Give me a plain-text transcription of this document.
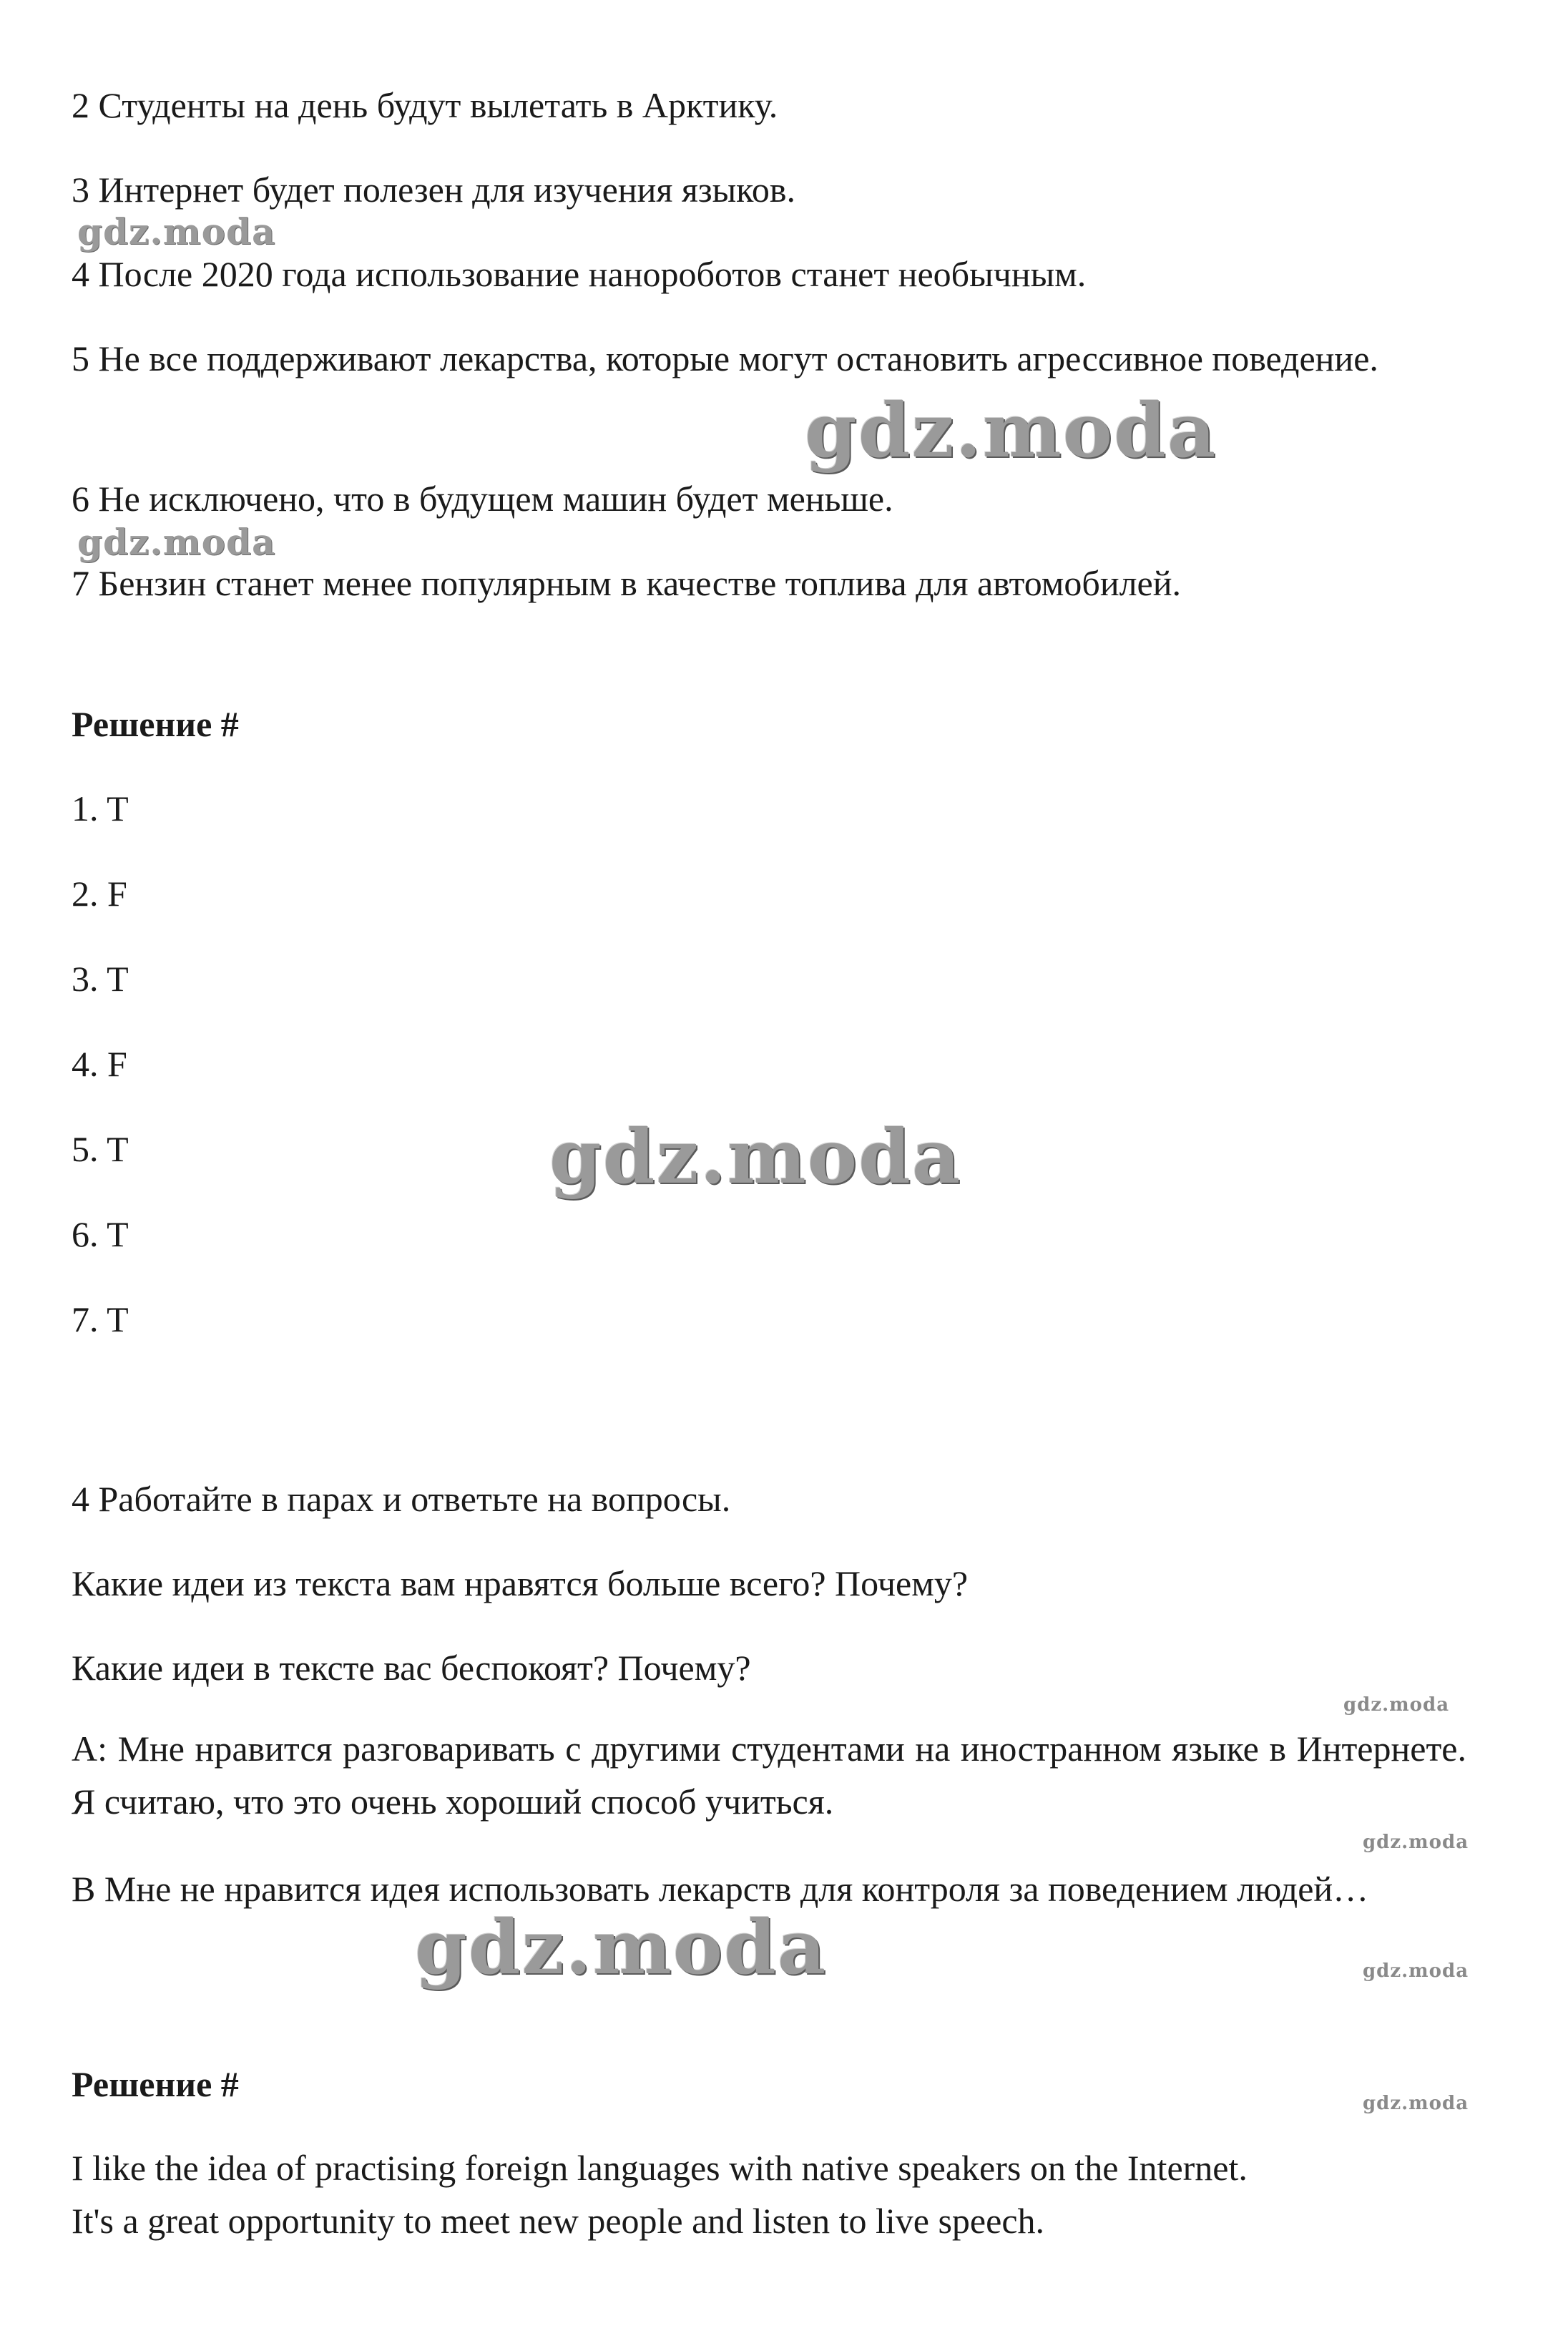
2 Студенты на день будут вылетать в Арктику.
3 Интернет будет полезен для изучения языков.
4 После 2020 года использование нанороботов станет необычным.
5 Не все поддерживают лекарства, которые могут остановить агрессивное поведение.
6 Не исключено, что в будущем машин будет меньше.
7 Бензин станет менее популярным в качестве топлива для автомобилей.
Решение #
1. T
2. F
3. T
4. F
5. T
6. T
7. T
4 Работайте в парах и ответьте на вопросы.
Какие идеи из текста вам нравятся больше всего? Почему?
Какие идеи в тексте вас беспокоят? Почему?
А: Мне нравится разговаривать с другими студентами на иностранном языке в Интернете. Я считаю, что это очень хороший способ учиться.
В Мне не нравится идея использовать лекарств для контроля за поведением людей…
Решение #
I like the idea of practising foreign languages with native speakers on the Internet.
It's a great opportunity to meet new people and listen to live speech.
gdz.moda
gdz.moda
gdz.moda
gdz.moda
gdz.moda
gdz.moda
gdz.moda	gdz.moda
gdz.moda
